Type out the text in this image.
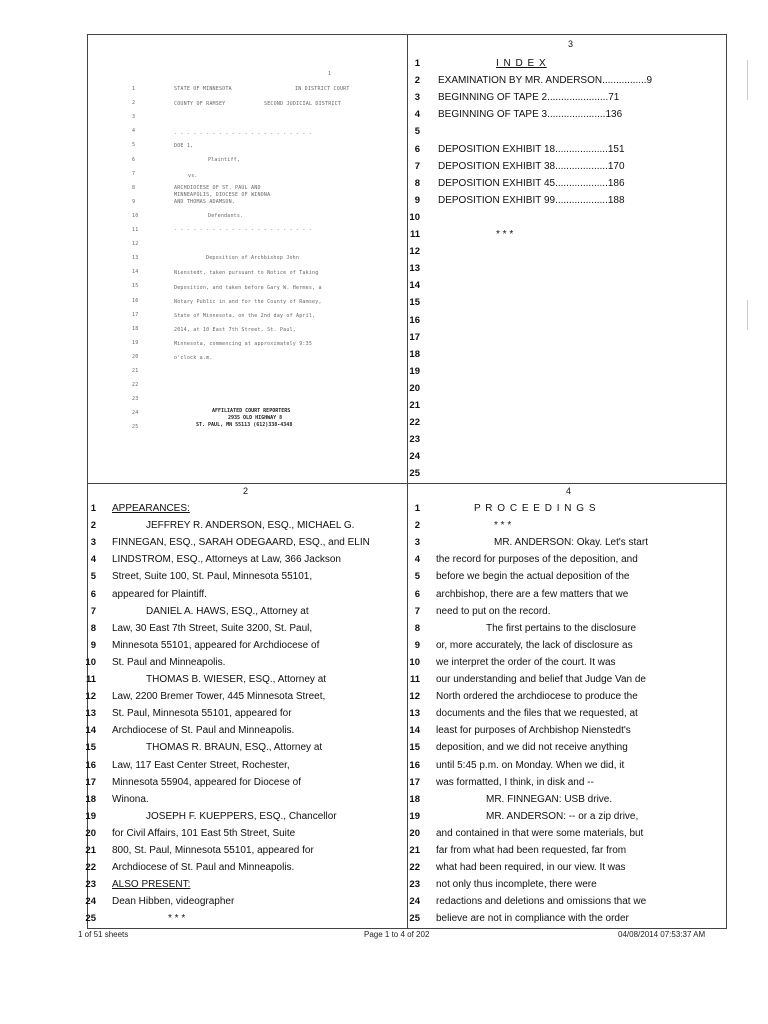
1
STATE OF MINNESOTA	IN DISTRICT COURT
COUNTY OF RAMSEY	SECOND JUDICIAL DISTRICT
- - - - - - - - - - - - - - - - - - - - - -
DOE 1,
Plaintiff,
vs.
ARCHDIOCESE OF ST. PAUL AND
MINNEAPOLIS, DIOCESE OF WINONA
AND THOMAS ADAMSON,
Defendants.
- - - - - - - - - - - - - - - - - - - - - -
Deposition of Archbishop John
Nienstedt, taken pursuant to Notice of Taking
Deposition, and taken before Gary W. Hermes, a
Notary Public in and for the County of Ramsey,
State of Minnesota, on the 2nd day of April,
2014, at 10 East 7th Street, St. Paul,
Minnesota, commencing at approximately 9:35
o'clock a.m.
AFFILIATED COURT REPORTERS
2935 OLD HIGHWAY 8
ST. PAUL, MN 55113 (612)338-4348
1
2
3
4
5
6
7
8
9
10
11
12
13
14
15
16
17
18
19
20
21
22
23
24
25
3
1	I N D E X
2 EXAMINATION BY MR. ANDERSON................9
3 BEGINNING OF TAPE 2......................71
4 BEGINNING OF TAPE 3.....................136
5
6 DEPOSITION EXHIBIT 18...................151
7 DEPOSITION EXHIBIT 38...................170
8 DEPOSITION EXHIBIT 45...................186
9 DEPOSITION EXHIBIT 99...................188
10
11	* * *
12
13
14
15
16
17
18
19
20
21
22
23
24
25
2
1 APPEARANCES:
2	JEFFREY R. ANDERSON, ESQ., MICHAEL G.
3 FINNEGAN, ESQ., SARAH ODEGAARD, ESQ., and ELIN
4 LINDSTROM, ESQ., Attorneys at Law, 366 Jackson
5 Street, Suite 100, St. Paul, Minnesota 55101,
6 appeared for Plaintiff.
7	DANIEL A. HAWS, ESQ., Attorney at
8 Law, 30 East 7th Street, Suite 3200, St. Paul,
9 Minnesota 55101, appeared for Archdiocese of
10 St. Paul and Minneapolis.
11	THOMAS B. WIESER, ESQ., Attorney at
12 Law, 2200 Bremer Tower, 445 Minnesota Street,
13 St. Paul, Minnesota 55101, appeared for
14 Archdiocese of St. Paul and Minneapolis.
15	THOMAS R. BRAUN, ESQ., Attorney at
16 Law, 117 East Center Street, Rochester,
17 Minnesota 55904, appeared for Diocese of
18 Winona.
19	JOSEPH F. KUEPPERS, ESQ., Chancellor
20 for Civil Affairs, 101 East 5th Street, Suite
21 800, St. Paul, Minnesota 55101, appeared for
22 Archdiocese of St. Paul and Minneapolis.
23 ALSO PRESENT:
24 Dean Hibben, videographer
25	* * *
4
1	P R O C E E D I N G S
2	* * *
3	MR. ANDERSON: Okay. Let's start
4 the record for purposes of the deposition, and
5 before we begin the actual deposition of the
6 archbishop, there are a few matters that we
7 need to put on the record.
8	The first pertains to the disclosure
9 or, more accurately, the lack of disclosure as
10 we interpret the order of the court. It was
11 our understanding and belief that Judge Van de
12 North ordered the archdiocese to produce the
13 documents and the files that we requested, at
14 least for purposes of Archbishop Nienstedt's
15 deposition, and we did not receive anything
16 until 5:45 p.m. on Monday. When we did, it
17 was formatted, I think, in disk and --
18	MR. FINNEGAN: USB drive.
19	MR. ANDERSON: -- or a zip drive,
20 and contained in that were some materials, but
21 far from what had been requested, far from
22 what had been required, in our view. It was
23 not only thus incomplete, there were
24 redactions and deletions and omissions that we
25 believe are not in compliance with the order
1 of 51 sheets	Page 1 to 4 of 202	04/08/2014 07:53:37 AM
